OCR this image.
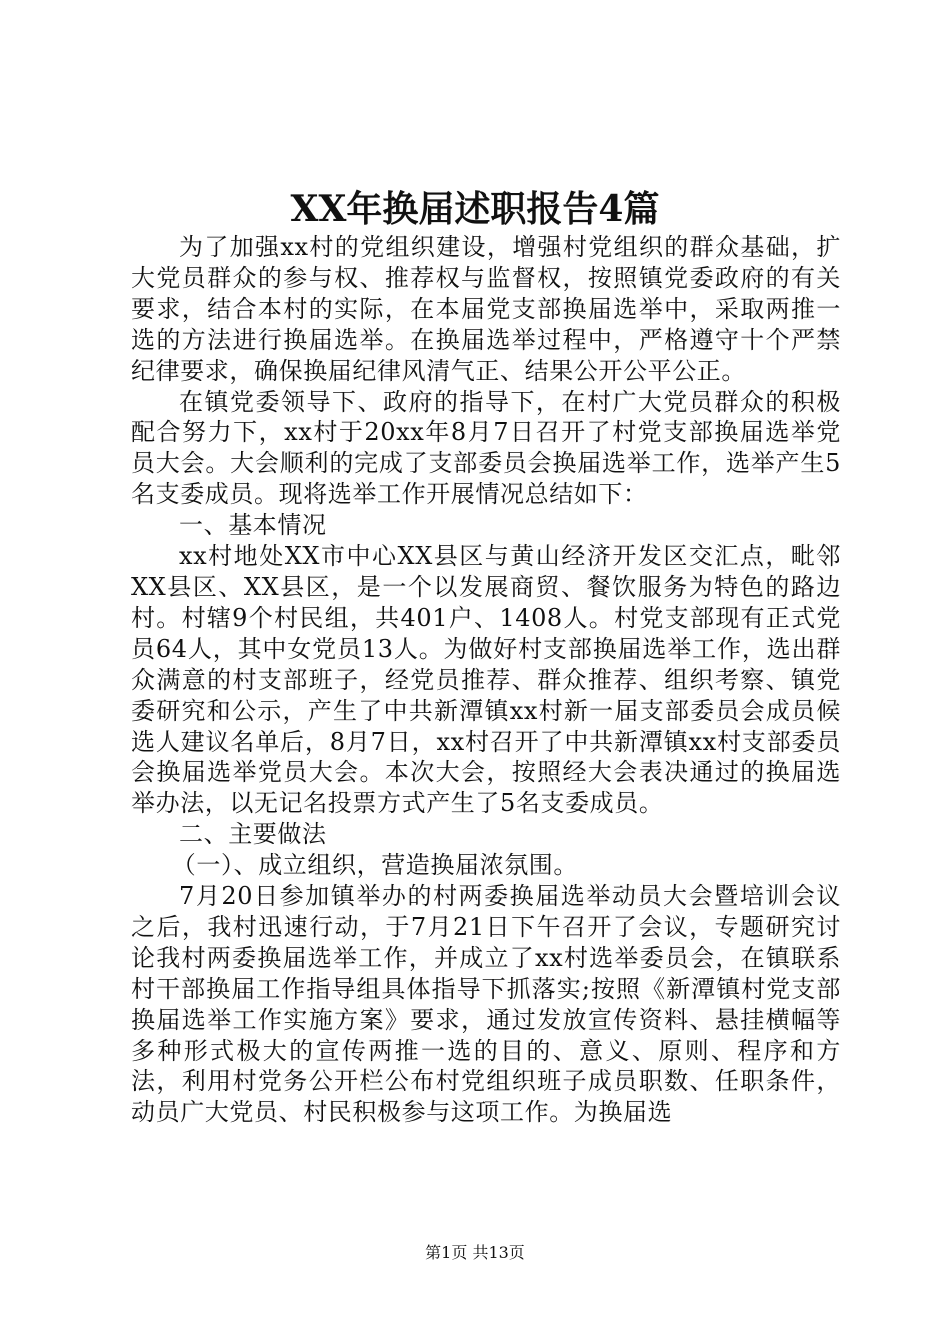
XX年换届述职报告4篇

为了加强xx村的党组织建设，增强村党组织的群众基础，扩大党员群众的参与权、推荐权与监督权，按照镇党委政府的有关要求，结合本村的实际，在本届党支部换届选举中，采取两推一选的方法进行换届选举。在换届选举过程中，严格遵守十个严禁纪律要求，确保换届纪律风清气正、结果公开公平公正。

在镇党委领导下、政府的指导下，在村广大党员群众的积极配合努力下，xx村于20xx年8月7日召开了村党支部换届选举党员大会。大会顺利的完成了支部委员会换届选举工作，选举产生5名支委成员。现将选举工作开展情况总结如下：

一、基本情况

xx村地处XX市中心XX县区与黄山经济开发区交汇点，毗邻XX县区、XX县区，是一个以发展商贸、餐饮服务为特色的路边村。村辖9个村民组，共401户、1408人。村党支部现有正式党员64人，其中女党员13人。为做好村支部换届选举工作，选出群众满意的村支部班子，经党员推荐、群众推荐、组织考察、镇党委研究和公示，产生了中共新潭镇xx村新一届支部委员会成员候选人建议名单后，8月7日，xx村召开了中共新潭镇xx村支部委员会换届选举党员大会。本次大会，按照经大会表决通过的换届选举办法，以无记名投票方式产生了5名支委成员。

二、主要做法

（一）、成立组织，营造换届浓氛围。

7月20日参加镇举办的村两委换届选举动员大会暨培训会议之后，我村迅速行动，于7月21日下午召开了会议，专题研究讨论我村两委换届选举工作，并成立了xx村选举委员会，在镇联系村干部换届工作指导组具体指导下抓落实;按照《新潭镇村党支部换届选举工作实施方案》要求，通过发放宣传资料、悬挂横幅等多种形式极大的宣传两推一选的目的、意义、原则、程序和方法，利用村党务公开栏公布村党组织班子成员职数、任职条件，动员广大党员、村民积极参与这项工作。为换届选

第1页 共13页
